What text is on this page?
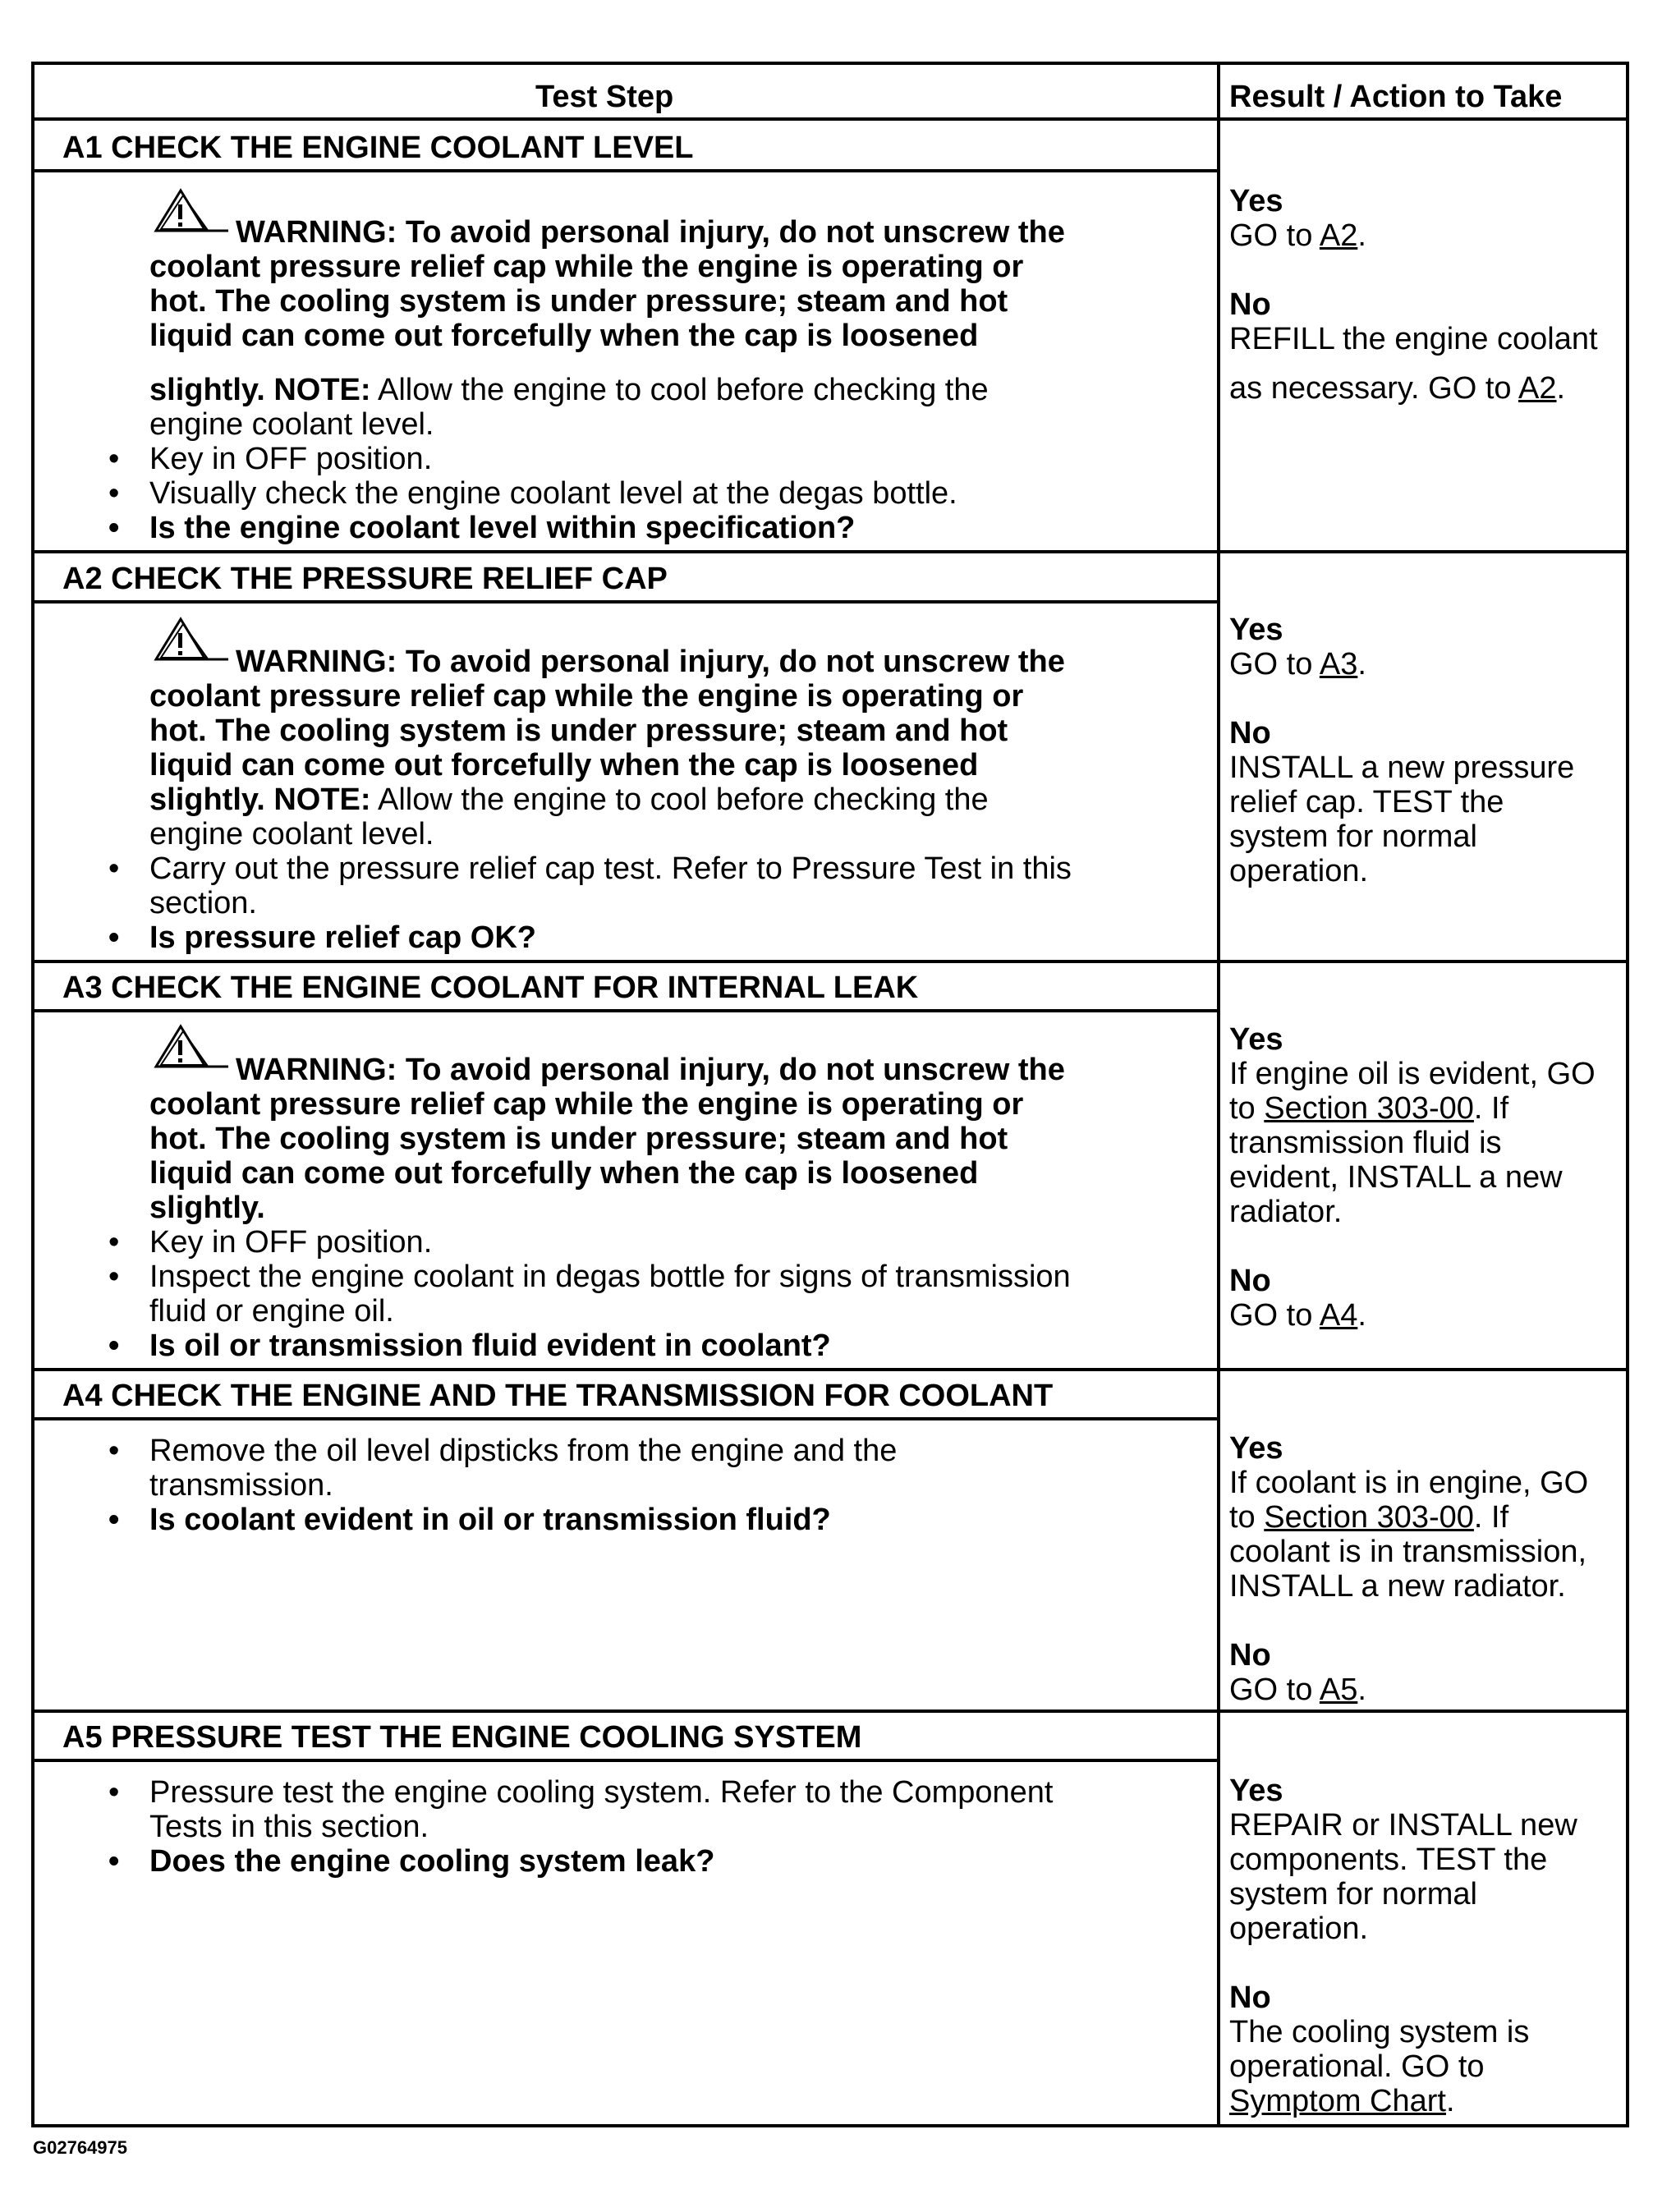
Test Step	Result / Action to Take
A1 CHECK THE ENGINE COOLANT LEVEL
WARNING: To avoid personal injury, do not unscrew the
coolant pressure relief cap while the engine is operating or
hot. The cooling system is under pressure; steam and hot
liquid can come out forcefully when the cap is loosened
slightly. NOTE: Allow the engine to cool before checking the
engine coolant level.
• Key in OFF position.
• Visually check the engine coolant level at the degas bottle.
• Is the engine coolant level within specification?
Yes
GO to A2.
No
REFILL the engine coolant
as necessary. GO to A2.
A2 CHECK THE PRESSURE RELIEF CAP
WARNING: To avoid personal injury, do not unscrew the
coolant pressure relief cap while the engine is operating or
hot. The cooling system is under pressure; steam and hot
liquid can come out forcefully when the cap is loosened
slightly. NOTE: Allow the engine to cool before checking the
engine coolant level.
• Carry out the pressure relief cap test. Refer to Pressure Test in this
section.
• Is pressure relief cap OK?
Yes
GO to A3.
No
INSTALL a new pressure
relief cap. TEST the
system for normal
operation.
A3 CHECK THE ENGINE COOLANT FOR INTERNAL LEAK
WARNING: To avoid personal injury, do not unscrew the
coolant pressure relief cap while the engine is operating or
hot. The cooling system is under pressure; steam and hot
liquid can come out forcefully when the cap is loosened
slightly.
• Key in OFF position.
• Inspect the engine coolant in degas bottle for signs of transmission
fluid or engine oil.
• Is oil or transmission fluid evident in coolant?
Yes
If engine oil is evident, GO
to Section 303-00. If
transmission fluid is
evident, INSTALL a new
radiator.
No
GO to A4.
A4 CHECK THE ENGINE AND THE TRANSMISSION FOR COOLANT
• Remove the oil level dipsticks from the engine and the
transmission.
• Is coolant evident in oil or transmission fluid?
Yes
If coolant is in engine, GO
to Section 303-00. If
coolant is in transmission,
INSTALL a new radiator.
No
GO to A5.
A5 PRESSURE TEST THE ENGINE COOLING SYSTEM
• Pressure test the engine cooling system. Refer to the Component
Tests in this section.
• Does the engine cooling system leak?
Yes
REPAIR or INSTALL new
components. TEST the
system for normal
operation.
No
The cooling system is
operational. GO to
Symptom Chart.
G02764975
